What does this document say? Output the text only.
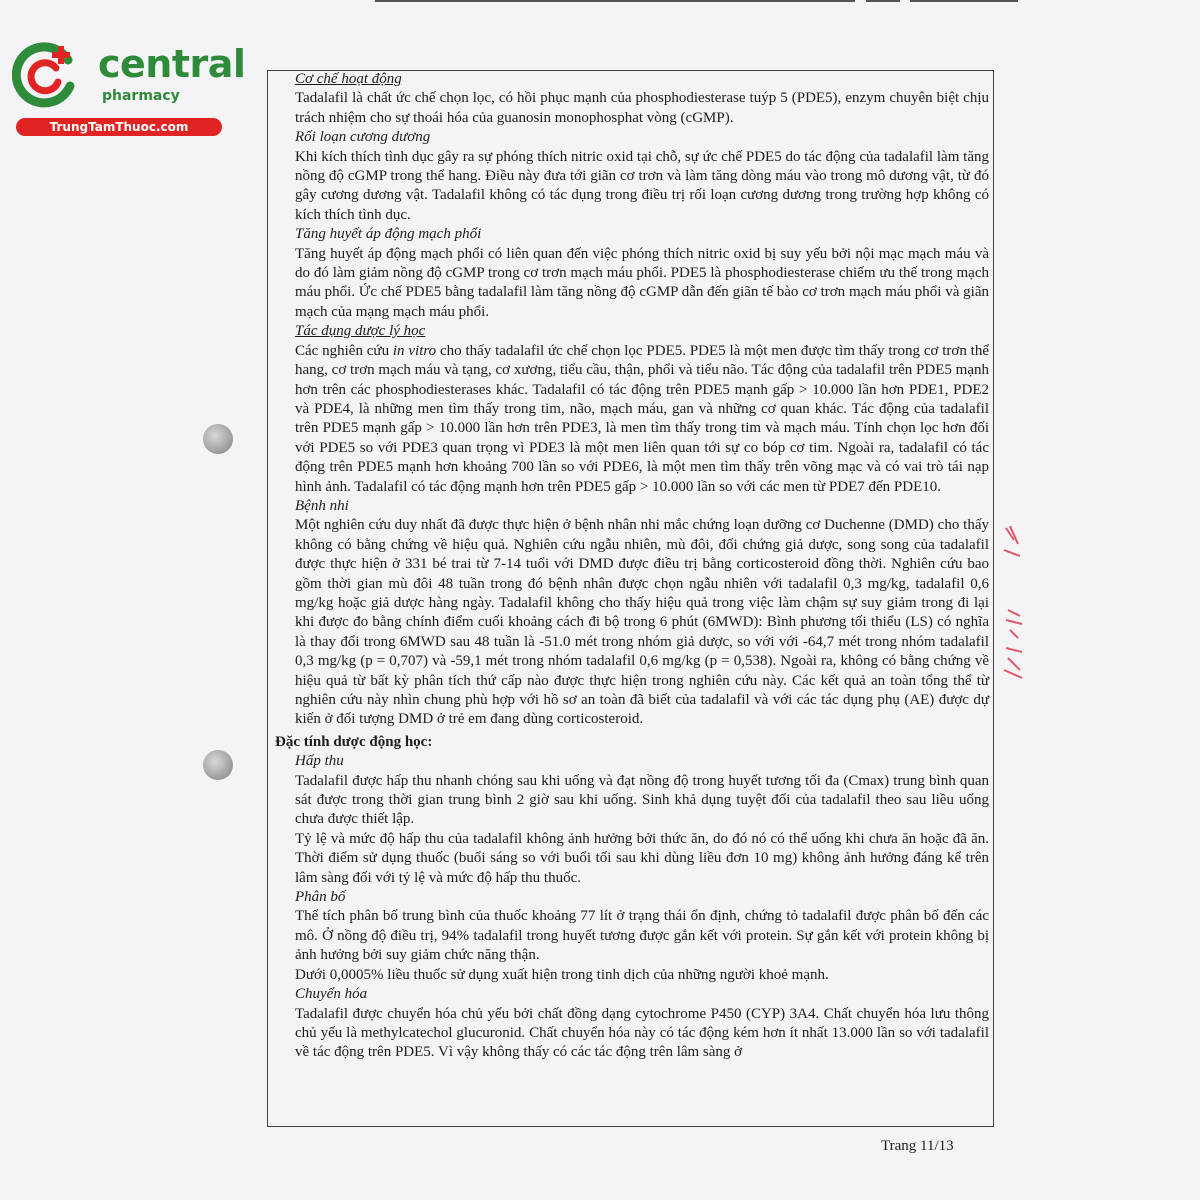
central
pharmacy
TrungTamThuoc.com

Cơ chế hoạt động

Tadalafil là chất ức chế chọn lọc, có hồi phục mạnh của phosphodiesterase tuýp 5 (PDE5), enzym chuyên biệt chịu trách nhiệm cho sự thoái hóa của guanosin monophosphat vòng (cGMP).

Rối loạn cương dương

Khi kích thích tình dục gây ra sự phóng thích nitric oxid tại chỗ, sự ức chế PDE5 do tác động của tadalafil làm tăng nồng độ cGMP trong thể hang. Điều này đưa tới giãn cơ trơn và làm tăng dòng máu vào trong mô dương vật, từ đó gây cương dương vật. Tadalafil không có tác dụng trong điều trị rối loạn cương dương trong trường hợp không có kích thích tình dục.

Tăng huyết áp động mạch phổi

Tăng huyết áp động mạch phổi có liên quan đến việc phóng thích nitric oxid bị suy yếu bởi nội mạc mạch máu và do đó làm giảm nồng độ cGMP trong cơ trơn mạch máu phổi. PDE5 là phosphodiesterase chiếm ưu thế trong mạch máu phổi. Ức chế PDE5 bằng tadalafil làm tăng nồng độ cGMP dẫn đến giãn tế bào cơ trơn mạch máu phổi và giãn mạch của mạng mạch máu phổi.

Tác dụng dược lý học

Các nghiên cứu in vitro cho thấy tadalafil ức chế chọn lọc PDE5. PDE5 là một men được tìm thấy trong cơ trơn thể hang, cơ trơn mạch máu và tạng, cơ xương, tiểu cầu, thận, phổi và tiểu não. Tác động của tadalafil trên PDE5 mạnh hơn trên các phosphodiesterases khác. Tadalafil có tác động trên PDE5 mạnh gấp > 10.000 lần hơn PDE1, PDE2 và PDE4, là những men tìm thấy trong tim, não, mạch máu, gan và những cơ quan khác. Tác động của tadalafil trên PDE5 mạnh gấp > 10.000 lần hơn trên PDE3, là men tìm thấy trong tim và mạch máu. Tính chọn lọc hơn đối với PDE5 so với PDE3 quan trọng vì PDE3 là một men liên quan tới sự co bóp cơ tim. Ngoài ra, tadalafil có tác động trên PDE5 mạnh hơn khoảng 700 lần so với PDE6, là một men tìm thấy trên võng mạc và có vai trò tái nạp hình ảnh. Tadalafil có tác động mạnh hơn trên PDE5 gấp > 10.000 lần so với các men từ PDE7 đến PDE10.

Bệnh nhi

Một nghiên cứu duy nhất đã được thực hiện ở bệnh nhân nhi mắc chứng loạn dưỡng cơ Duchenne (DMD) cho thấy không có bằng chứng về hiệu quả. Nghiên cứu ngẫu nhiên, mù đôi, đối chứng giả dược, song song của tadalafil được thực hiện ở 331 bé trai từ 7-14 tuổi với DMD được điều trị bằng corticosteroid đồng thời. Nghiên cứu bao gồm thời gian mù đôi 48 tuần trong đó bệnh nhân được chọn ngẫu nhiên với tadalafil 0,3 mg/kg, tadalafil 0,6 mg/kg hoặc giả dược hàng ngày. Tadalafil không cho thấy hiệu quả trong việc làm chậm sự suy giảm trong đi lại khi được đo bằng chính điểm cuối khoảng cách đi bộ trong 6 phút (6MWD): Bình phương tối thiểu (LS) có nghĩa là thay đổi trong 6MWD sau 48 tuần là -51.0 mét trong nhóm giả dược, so với với -64,7 mét trong nhóm tadalafil 0,3 mg/kg (p = 0,707) và -59,1 mét trong nhóm tadalafil 0,6 mg/kg (p = 0,538). Ngoài ra, không có bằng chứng về hiệu quả từ bất kỳ phân tích thứ cấp nào được thực hiện trong nghiên cứu này. Các kết quả an toàn tổng thể từ nghiên cứu này nhìn chung phù hợp với hồ sơ an toàn đã biết của tadalafil và với các tác dụng phụ (AE) được dự kiến ở đối tượng DMD ở trẻ em đang dùng corticosteroid.

Đặc tính dược động học:

Hấp thu

Tadalafil được hấp thu nhanh chóng sau khi uống và đạt nồng độ trong huyết tương tối đa (Cmax) trung bình quan sát được trong thời gian trung bình 2 giờ sau khi uống. Sinh khả dụng tuyệt đối của tadalafil theo sau liều uống chưa được thiết lập.

Tỷ lệ và mức độ hấp thu của tadalafil không ảnh hưởng bởi thức ăn, do đó nó có thể uống khi chưa ăn hoặc đã ăn. Thời điểm sử dụng thuốc (buổi sáng so với buổi tối sau khi dùng liều đơn 10 mg) không ảnh hưởng đáng kể trên lâm sàng đối với tỷ lệ và mức độ hấp thu thuốc.

Phân bố

Thể tích phân bố trung bình của thuốc khoảng 77 lít ở trạng thái ổn định, chứng tỏ tadalafil được phân bố đến các mô. Ở nồng độ điều trị, 94% tadalafil trong huyết tương được gắn kết với protein. Sự gắn kết với protein không bị ảnh hưởng bởi suy giảm chức năng thận.

Dưới 0,0005% liều thuốc sử dụng xuất hiện trong tinh dịch của những người khoẻ mạnh.

Chuyển hóa

Tadalafil được chuyển hóa chủ yếu bởi chất đồng dạng cytochrome P450 (CYP) 3A4. Chất chuyển hóa lưu thông chủ yếu là methylcatechol glucuronid. Chất chuyển hóa này có tác động kém hơn ít nhất 13.000 lần so với tadalafil về tác động trên PDE5. Vì vậy không thấy có các tác động trên lâm sàng ở

Trang 11/13
